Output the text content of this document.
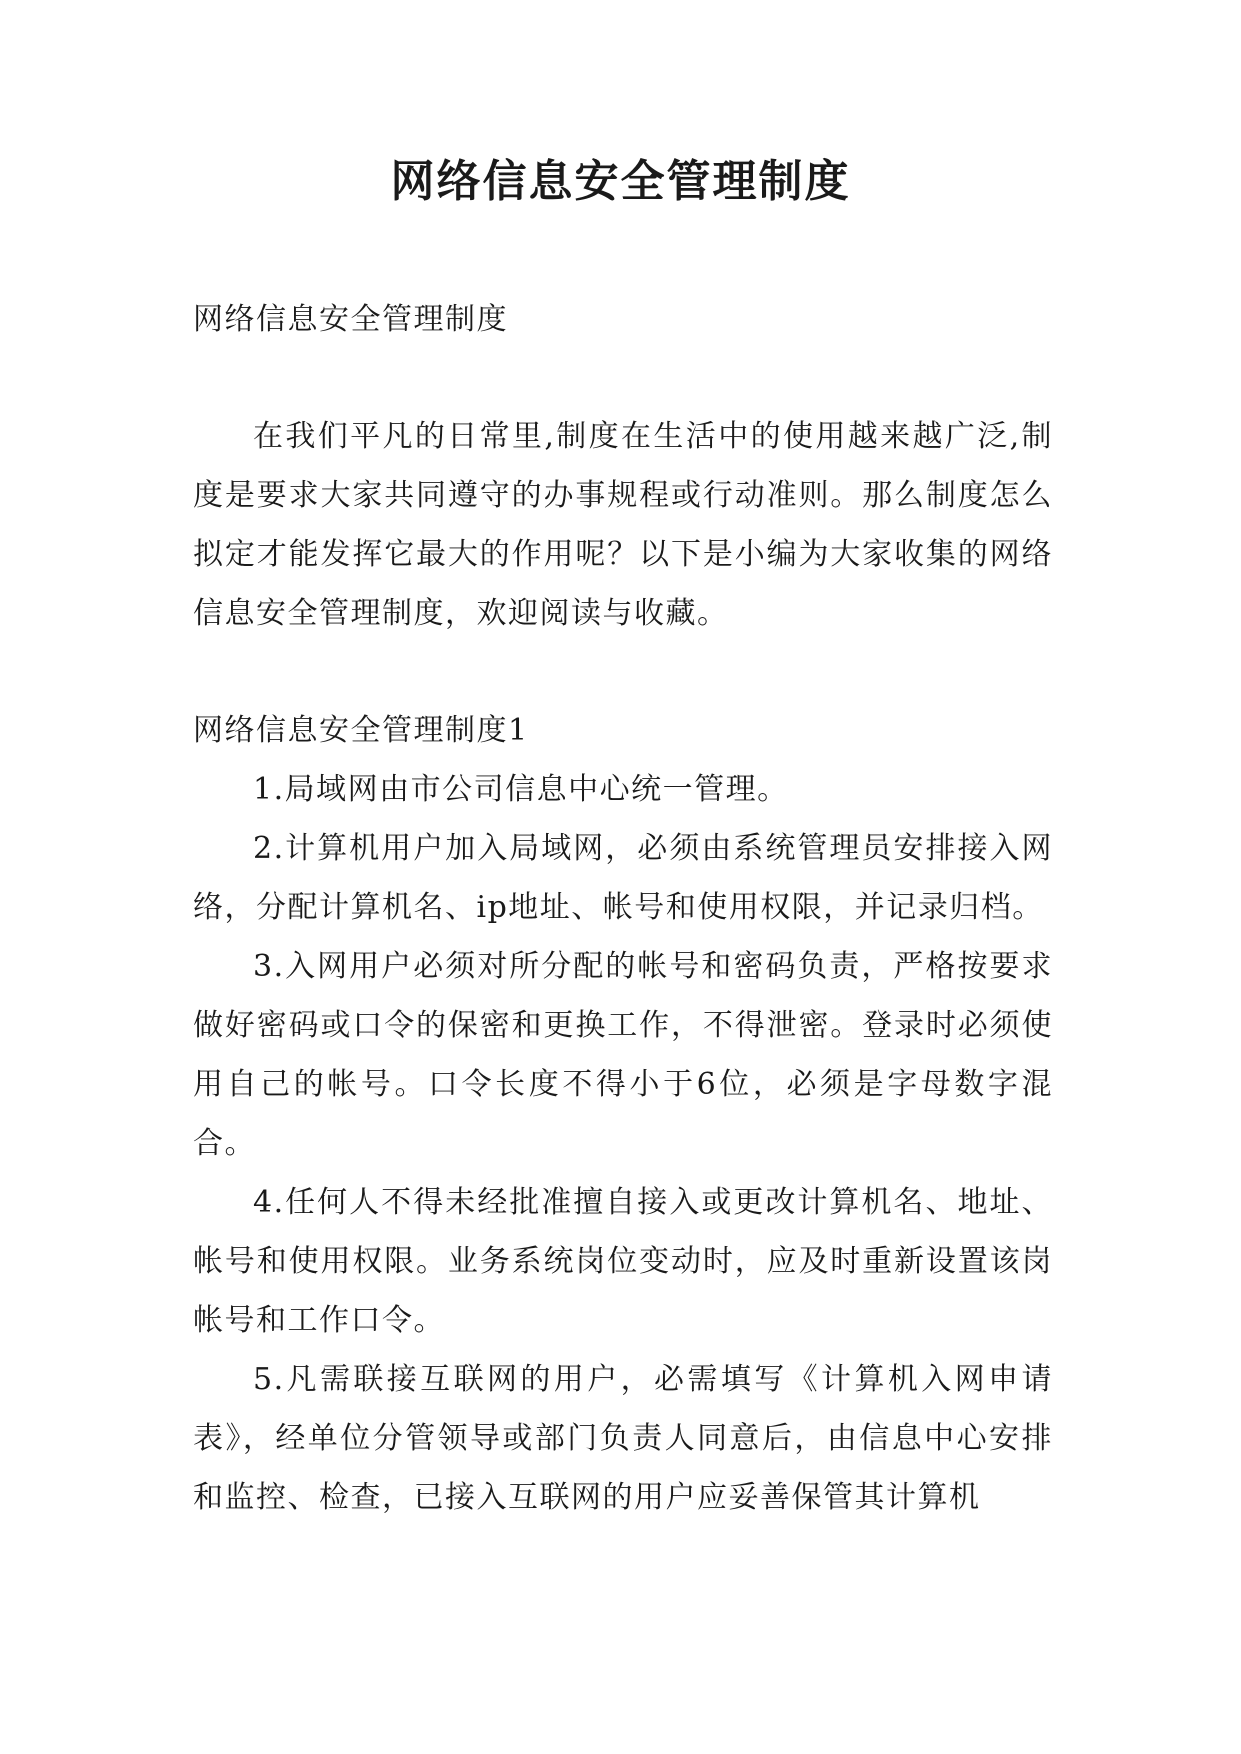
网络信息安全管理制度

网络信息安全管理制度

在我们平凡的日常里,制度在生活中的使用越来越广泛,制度是要求大家共同遵守的办事规程或行动准则。那么制度怎么拟定才能发挥它最大的作用呢？以下是小编为大家收集的网络信息安全管理制度，欢迎阅读与收藏。

网络信息安全管理制度1

1.局域网由市公司信息中心统一管理。

2.计算机用户加入局域网，必须由系统管理员安排接入网络，分配计算机名、ip地址、帐号和使用权限，并记录归档。

3.入网用户必须对所分配的帐号和密码负责，严格按要求做好密码或口令的保密和更换工作，不得泄密。登录时必须使用自己的帐号。口令长度不得小于6位，必须是字母数字混合。

4.任何人不得未经批准擅自接入或更改计算机名、地址、帐号和使用权限。业务系统岗位变动时，应及时重新设置该岗帐号和工作口令。

5.凡需联接互联网的用户，必需填写《计算机入网申请表》，经单位分管领导或部门负责人同意后，由信息中心安排和监控、检查，已接入互联网的用户应妥善保管其计算机
